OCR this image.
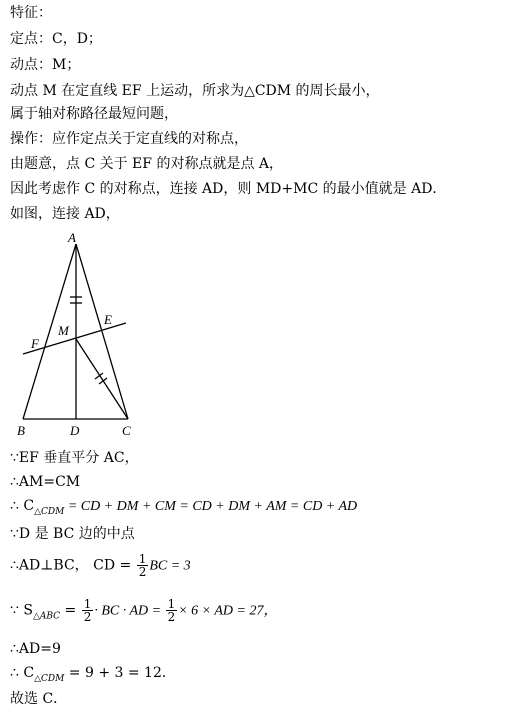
特征：
定点：C，D；
动点：M；
动点 M 在定直线 EF 上运动，所求为△CDM 的周长最小，
属于轴对称路径最短问题，
操作：应作定点关于定直线的对称点，
由题意，点 C 关于 EF 的对称点就是点 A，
因此考虑作 C 的对称点，连接 AD，则 MD+MC 的最小值就是 AD．
如图，连接 AD，
A
F
M
E
B	D	C
∵EF 垂直平分 AC，
∴AM=CM
∴ $C_{\triangle CDM}$ = CD + DM + CM = CD + DM + AM = CD + AD
∵D 是 BC 边的中点
∴AD⊥BC， CD = $\frac{1}{2}$ BC = 3
∵ $S_{\triangle ABC} = \frac{1}{2}$ · BC · AD = $\frac{1}{2} \times 6$ × AD = 27，
∴AD=9
∴ $C_{\triangle CDM} = 9 + 3 = 12$．
故选 C．
